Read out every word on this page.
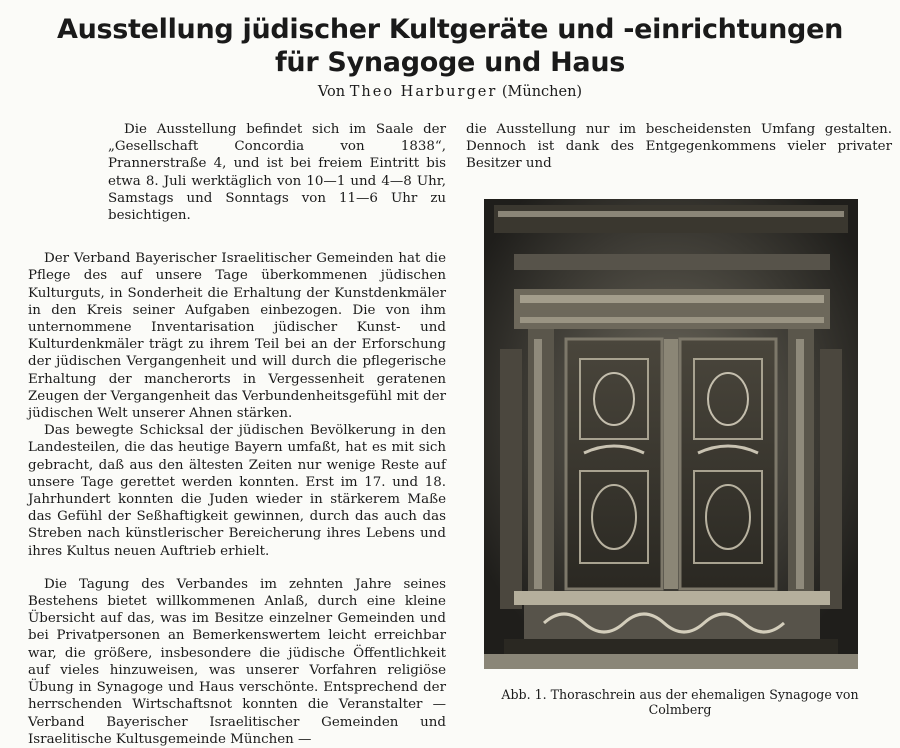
Ausstellung jüdischer Kultgeräte und -einrichtungen
für Synagoge und Haus
Von Theo Harburger (München)

Die Ausstellung befindet sich im Saale der „Gesellschaft Concordia von 1838“, Prannerstraße 4, und ist bei freiem Eintritt bis etwa 8. Juli werktäglich von 10—1 und 4—8 Uhr, Samstags und Sonntags von 11—6 Uhr zu besichtigen.

Der Verband Bayerischer Israelitischer Gemeinden hat die Pflege des auf unsere Tage überkommenen jüdischen Kulturguts, in Sonderheit die Erhaltung der Kunstdenkmäler in den Kreis seiner Aufgaben einbezogen. Die von ihm unternommene Inventarisation jüdischer Kunst- und Kulturdenkmäler trägt zu ihrem Teil bei an der Erforschung der jüdischen Vergangenheit und will durch die pflegerische Erhaltung der mancherorts in Vergessenheit geratenen Zeugen der Vergangenheit das Verbundenheitsgefühl mit der jüdischen Welt unserer Ahnen stärken.

Das bewegte Schicksal der jüdischen Bevölkerung in den Landesteilen, die das heutige Bayern umfaßt, hat es mit sich gebracht, daß aus den ältesten Zeiten nur wenige Reste auf unsere Tage gerettet werden konnten. Erst im 17. und 18. Jahrhundert konnten die Juden wieder in stärkerem Maße das Gefühl der Seßhaftigkeit gewinnen, durch das auch das Streben nach künstlerischer Bereicherung ihres Lebens und ihres Kultus neuen Auftrieb erhielt.

Die Tagung des Verbandes im zehnten Jahre seines Bestehens bietet willkommenen Anlaß, durch eine kleine Übersicht auf das, was im Besitze einzelner Gemeinden und bei Privatpersonen an Bemerkenswertem leicht erreichbar war, die größere, insbesondere die jüdische Öffentlichkeit auf vieles hinzuweisen, was unserer Vorfahren religiöse Übung in Synagoge und Haus verschönte. Entsprechend der herrschenden Wirtschaftsnot konnten die Veranstalter — Verband Bayerischer Israelitischer Gemeinden und Israelitische Kultusgemeinde München —

die Ausstellung nur im bescheidensten Umfang gestalten. Dennoch ist dank des Entgegenkommens vieler privater Besitzer und

Abb. 1. Thoraschrein aus der ehemaligen Synagoge von Colmberg
